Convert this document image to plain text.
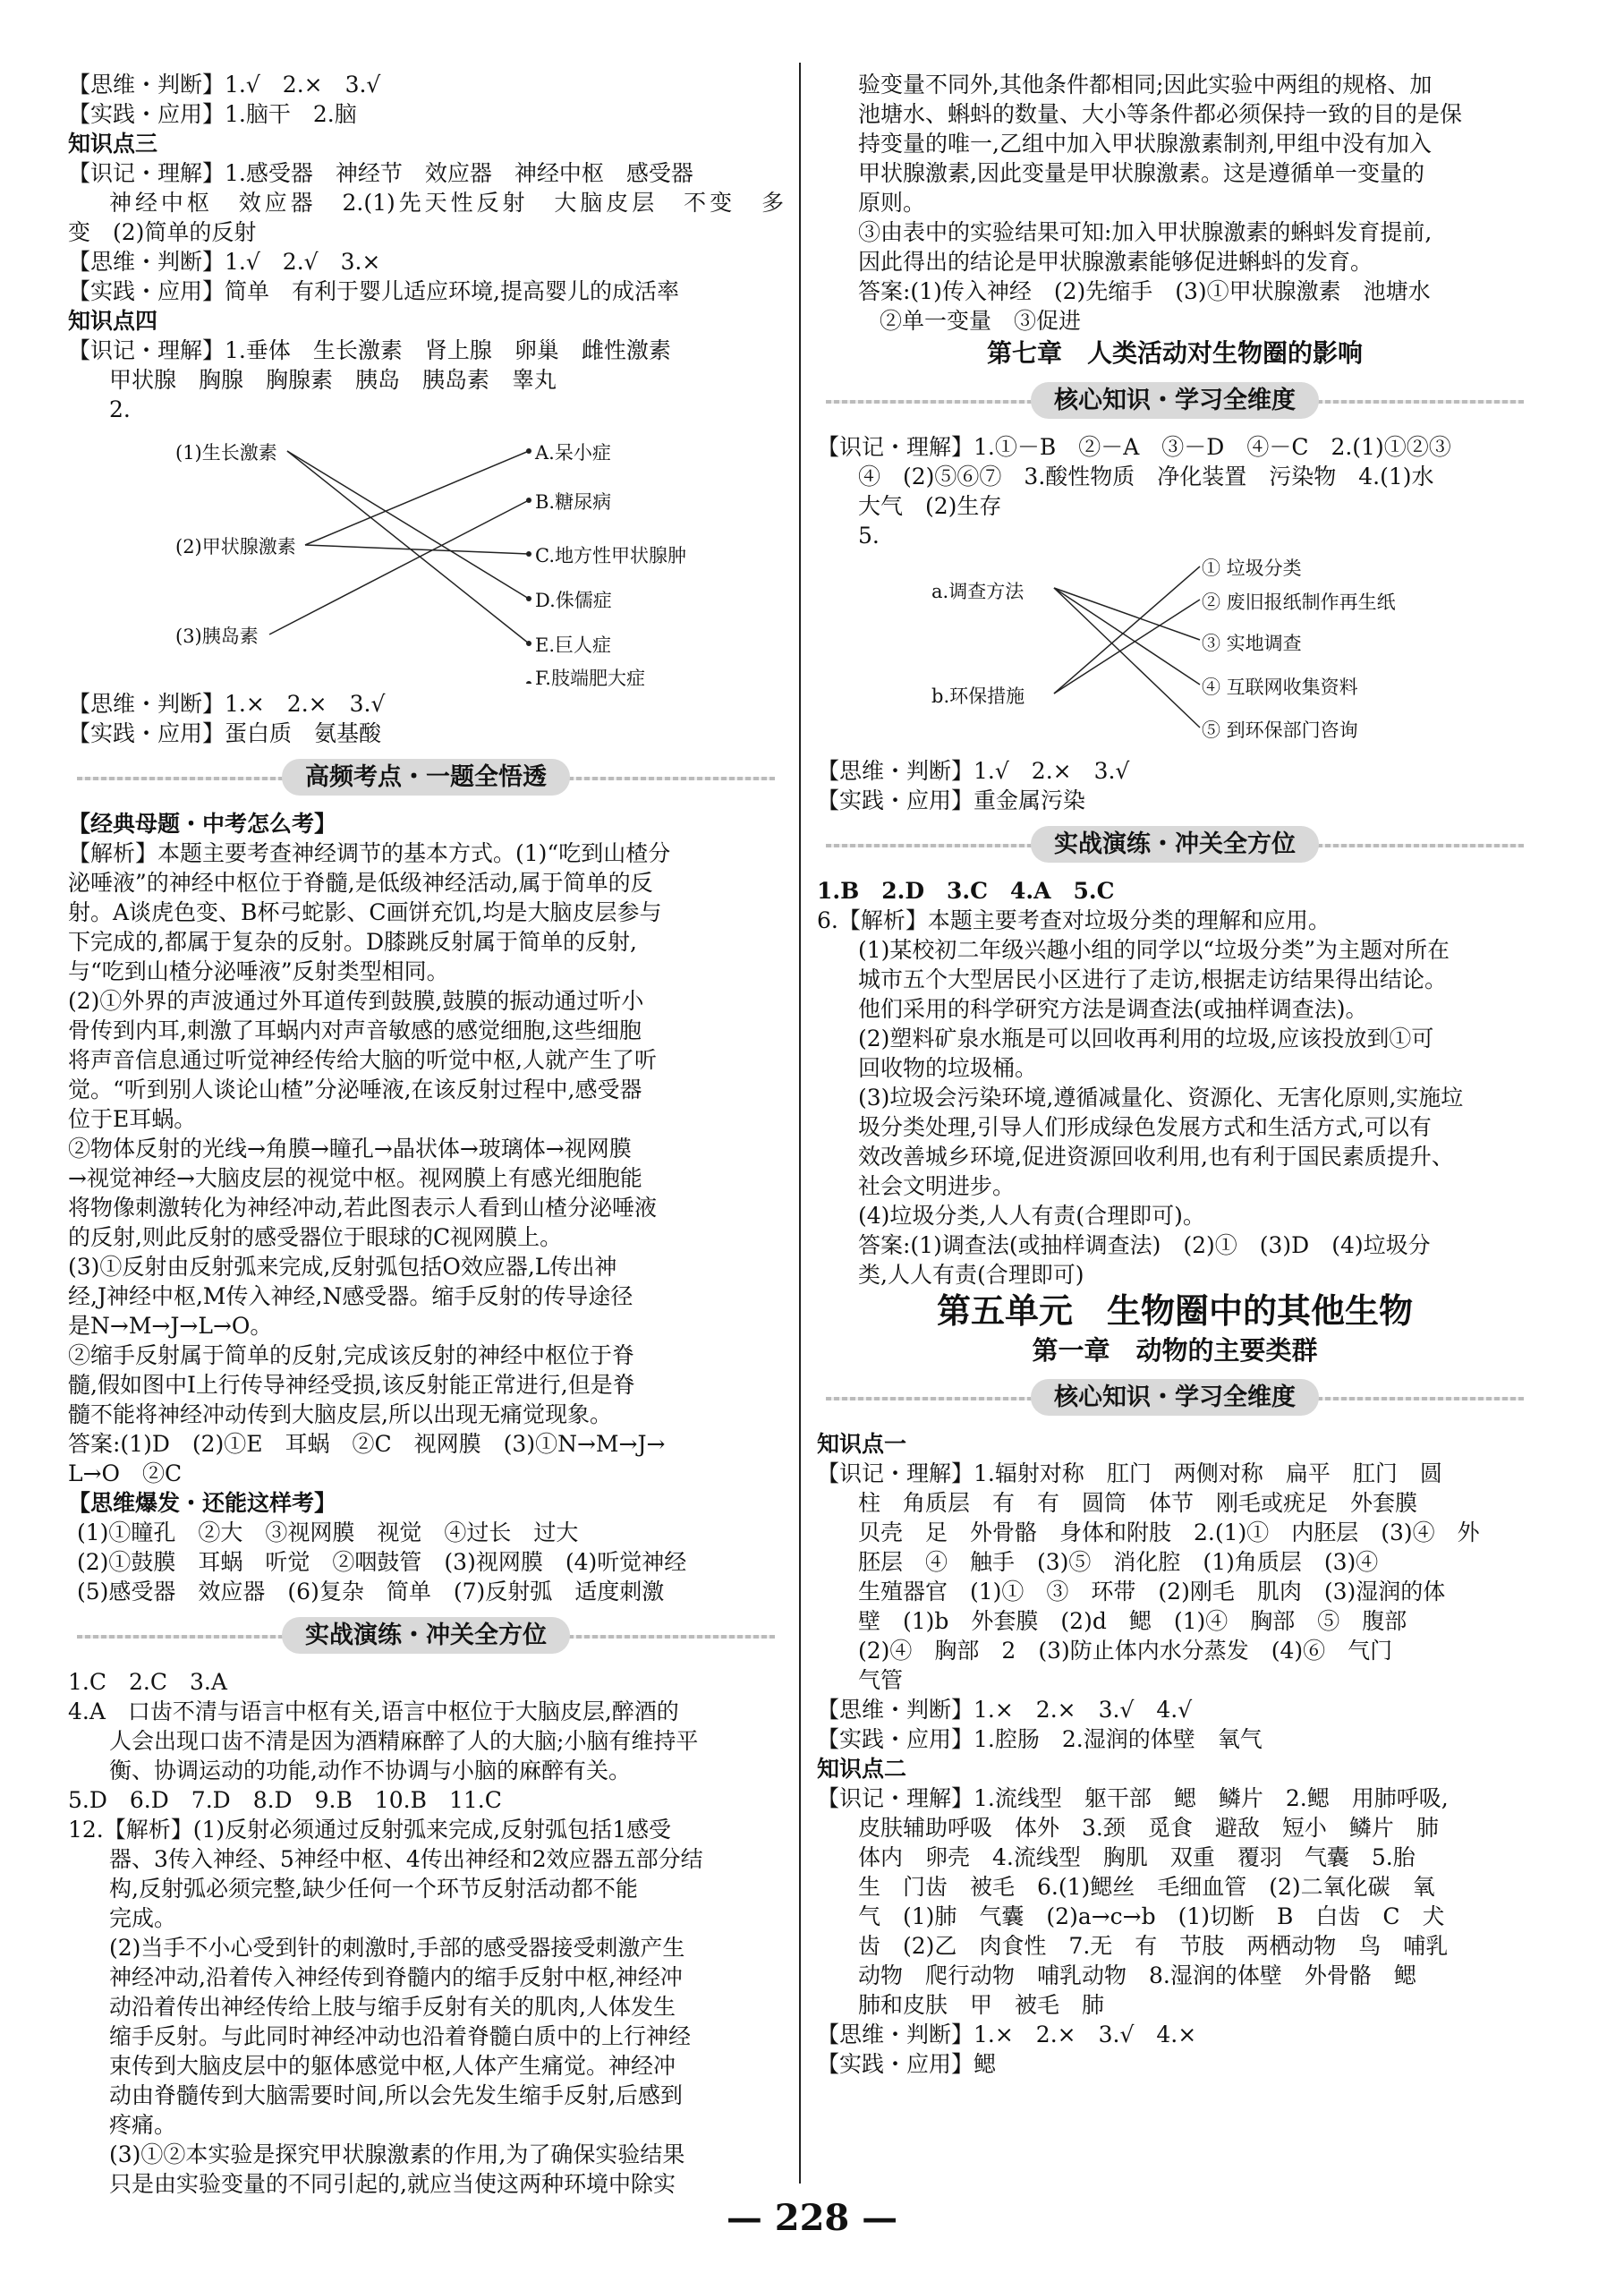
【思维・判断】1.√　2.×　3.√
【实践・应用】1.脑干　2.脑
知识点三
【识记・理解】1.感受器　神经节　效应器　神经中枢　感受器
神经中枢　效应器　2.(1)先天性反射　大脑皮层　不变　多
变　(2)简单的反射
【思维・判断】1.√　2.√　3.×
【实践・应用】简单　有利于婴儿适应环境,提高婴儿的成活率
知识点四
【识记・理解】1.垂体　生长激素　肾上腺　卵巢　雌性激素
甲状腺　胸腺　胸腺素　胰岛　胰岛素　睾丸
2.
(1)生长激素
(2)甲状腺激素
(3)胰岛素
A.呆小症
B.糖尿病
C.地方性甲状腺肿
D.侏儒症
E.巨人症
F.肢端肥大症
【思维・判断】1.×　2.×　3.√
【实践・应用】蛋白质　氨基酸
高频考点・一题全悟透
【经典母题・中考怎么考】
【解析】本题主要考查神经调节的基本方式。(1)“吃到山楂分
泌唾液”的神经中枢位于脊髓,是低级神经活动,属于简单的反
射。A谈虎色变、B杯弓蛇影、C画饼充饥,均是大脑皮层参与
下完成的,都属于复杂的反射。D膝跳反射属于简单的反射,
与“吃到山楂分泌唾液”反射类型相同。
(2)①外界的声波通过外耳道传到鼓膜,鼓膜的振动通过听小
骨传到内耳,刺激了耳蜗内对声音敏感的感觉细胞,这些细胞
将声音信息通过听觉神经传给大脑的听觉中枢,人就产生了听
觉。“听到别人谈论山楂”分泌唾液,在该反射过程中,感受器
位于E耳蜗。
②物体反射的光线→角膜→瞳孔→晶状体→玻璃体→视网膜
→视觉神经→大脑皮层的视觉中枢。视网膜上有感光细胞能
将物像刺激转化为神经冲动,若此图表示人看到山楂分泌唾液
的反射,则此反射的感受器位于眼球的C视网膜上。
(3)①反射由反射弧来完成,反射弧包括O效应器,L传出神
经,J神经中枢,M传入神经,N感受器。缩手反射的传导途径
是N→M→J→L→O。
②缩手反射属于简单的反射,完成该反射的神经中枢位于脊
髓,假如图中I上行传导神经受损,该反射能正常进行,但是脊
髓不能将神经冲动传到大脑皮层,所以出现无痛觉现象。
答案:(1)D　(2)①E　耳蜗　②C　视网膜　(3)①N→M→J→
L→O　②C
【思维爆发・还能这样考】
(1)①瞳孔　②大　③视网膜　视觉　④过长　过大
(2)①鼓膜　耳蜗　听觉　②咽鼓管　(3)视网膜　(4)听觉神经
(5)感受器　效应器　(6)复杂　简单　(7)反射弧　适度刺激
实战演练・冲关全方位
1.C　2.C　3.A
4.A　口齿不清与语言中枢有关,语言中枢位于大脑皮层,醉酒的
人会出现口齿不清是因为酒精麻醉了人的大脑;小脑有维持平
衡、协调运动的功能,动作不协调与小脑的麻醉有关。
5.D　6.D　7.D　8.D　9.B　10.B　11.C
12.【解析】(1)反射必须通过反射弧来完成,反射弧包括1感受
器、3传入神经、5神经中枢、4传出神经和2效应器五部分结
构,反射弧必须完整,缺少任何一个环节反射活动都不能
完成。
(2)当手不小心受到针的刺激时,手部的感受器接受刺激产生
神经冲动,沿着传入神经传到脊髓内的缩手反射中枢,神经冲
动沿着传出神经传给上肢与缩手反射有关的肌肉,人体发生
缩手反射。与此同时神经冲动也沿着脊髓白质中的上行神经
束传到大脑皮层中的躯体感觉中枢,人体产生痛觉。神经冲
动由脊髓传到大脑需要时间,所以会先发生缩手反射,后感到
疼痛。
(3)①②本实验是探究甲状腺激素的作用,为了确保实验结果
只是由实验变量的不同引起的,就应当使这两种环境中除实
验变量不同外,其他条件都相同;因此实验中两组的规格、加
池塘水、蝌蚪的数量、大小等条件都必须保持一致的目的是保
持变量的唯一,乙组中加入甲状腺激素制剂,甲组中没有加入
甲状腺激素,因此变量是甲状腺激素。这是遵循单一变量的
原则。
③由表中的实验结果可知:加入甲状腺激素的蝌蚪发育提前,
因此得出的结论是甲状腺激素能够促进蝌蚪的发育。
答案:(1)传入神经　(2)先缩手　(3)①甲状腺激素　池塘水
②单一变量　③促进
第七章　人类活动对生物圈的影响
核心知识・学习全维度
【识记・理解】1.①－B　②－A　③－D　④－C　2.(1)①②③
④　(2)⑤⑥⑦　3.酸性物质　净化装置　污染物　4.(1)水
大气　(2)生存
5.
a.调查方法
b.环保措施
① 垃圾分类
② 废旧报纸制作再生纸
③ 实地调查
④ 互联网收集资料
⑤ 到环保部门咨询
【思维・判断】1.√　2.×　3.√
【实践・应用】重金属污染
实战演练・冲关全方位
1.B　2.D　3.C　4.A　5.C
6.【解析】本题主要考查对垃圾分类的理解和应用。
(1)某校初二年级兴趣小组的同学以“垃圾分类”为主题对所在
城市五个大型居民小区进行了走访,根据走访结果得出结论。
他们采用的科学研究方法是调查法(或抽样调查法)。
(2)塑料矿泉水瓶是可以回收再利用的垃圾,应该投放到①可
回收物的垃圾桶。
(3)垃圾会污染环境,遵循减量化、资源化、无害化原则,实施垃
圾分类处理,引导人们形成绿色发展方式和生活方式,可以有
效改善城乡环境,促进资源回收利用,也有利于国民素质提升、
社会文明进步。
(4)垃圾分类,人人有责(合理即可)。
答案:(1)调查法(或抽样调查法)　(2)①　(3)D　(4)垃圾分
类,人人有责(合理即可)
第五单元　生物圈中的其他生物
第一章　动物的主要类群
核心知识・学习全维度
知识点一
【识记・理解】1.辐射对称　肛门　两侧对称　扁平　肛门　圆
柱　角质层　有　有　圆筒　体节　刚毛或疣足　外套膜
贝壳　足　外骨骼　身体和附肢　2.(1)①　内胚层　(3)④　外
胚层　④　触手　(3)⑤　消化腔　(1)角质层　(3)④
生殖器官　(1)①　③　环带　(2)刚毛　肌肉　(3)湿润的体
壁　(1)b　外套膜　(2)d　鳃　(1)④　胸部　⑤　腹部
(2)④　胸部　2　(3)防止体内水分蒸发　(4)⑥　气门
气管
【思维・判断】1.×　2.×　3.√　4.√
【实践・应用】1.腔肠　2.湿润的体壁　氧气
知识点二
【识记・理解】1.流线型　躯干部　鳃　鳞片　2.鳃　用肺呼吸,
皮肤辅助呼吸　体外　3.颈　觅食　避敌　短小　鳞片　肺
体内　卵壳　4.流线型　胸肌　双重　覆羽　气囊　5.胎
生　门齿　被毛　6.(1)鳃丝　毛细血管　(2)二氧化碳　氧
气　(1)肺　气囊　(2)a→c→b　(1)切断　B　白齿　C　犬
齿　(2)乙　肉食性　7.无　有　节肢　两栖动物　鸟　哺乳
动物　爬行动物　哺乳动物　8.湿润的体壁　外骨骼　鳃
肺和皮肤　甲　被毛　肺
【思维・判断】1.×　2.×　3.√　4.×
【实践・应用】鳃
— 228 —
